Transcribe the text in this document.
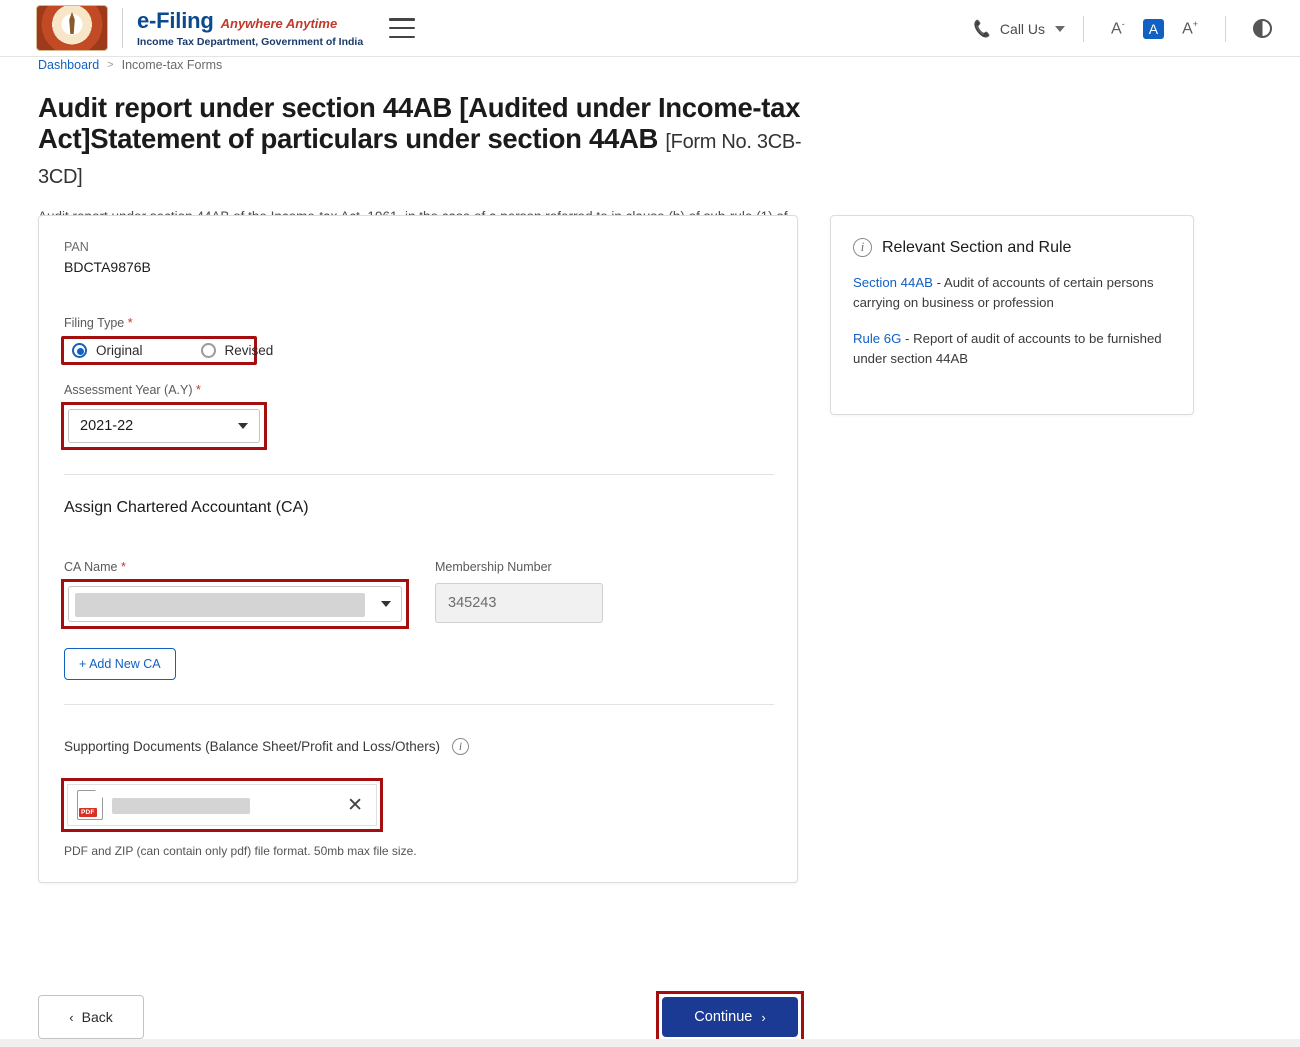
e-Filing Anywhere Anytime
Income Tax Department, Government of India
📞 Call Us	A-	A	A+
Dashboard > Income-tax Forms
Audit report under section 44AB [Audited under Income-tax Act]Statement of particulars under section 44AB [Form No. 3CB-3CD]
PAN
BDCTA9876B
Filing Type *
Original	Revised
Assessment Year (A.Y) *
2021-22
Assign Chartered Accountant (CA)
CA Name *	Membership Number
345243
+ Add New CA
Supporting Documents (Balance Sheet/Profit and Loss/Others)	i
PDF	✕
PDF and ZIP (can contain only pdf) file format. 50mb max file size.
i	Relevant Section and Rule
Section 44AB - Audit of accounts of certain persons carrying on business or profession
Rule 6G - Report of audit of accounts to be furnished under section 44AB
‹ Back	Continue ›
